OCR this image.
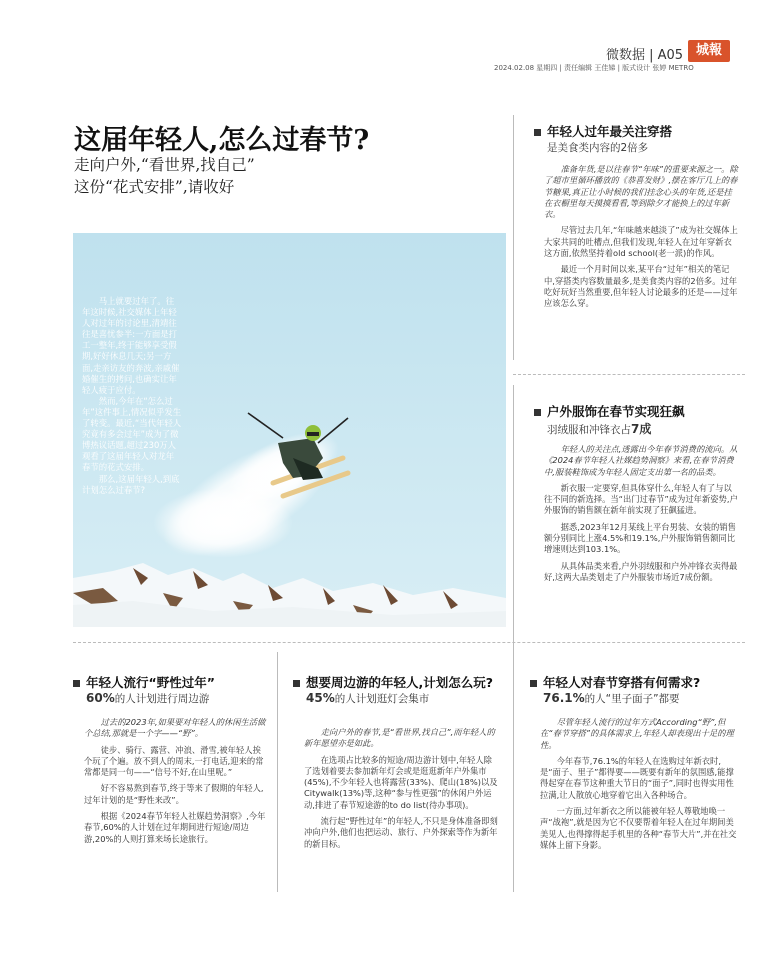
微数据 | A05 城報
2024.02.08 星期四 | 责任编辑 王佳娣 | 版式设计 张婷 METRO
这届年轻人,怎么过春节?
走向户外,“看世界,找自己”
这份“花式安排”,请收好

马上就要过年了。往年这时候,社交媒体上年轻人对过年的讨论里,清靖往往是喜忧参半:一方面是打工一整年,终于能够享受假期,好好休息几天;另一方面,走亲访友的奔波,亲戚催婚催生的拷问,也确实让年轻人疲于应付。

然而,今年在“怎么过年”这件事上,情况似乎发生了转变。最近,“当代年轻人究竟有多会过年”成为了微博热议话题,超过230万人观看了这届年轻人对龙年春节的花式安排。

那么,这届年轻人,到底计划怎么过春节?

年轻人过年最关注穿搭
是美食类内容的2倍多

准备年货,是以往春节“年味”的重要来源之一。除了超市里循环播放的《恭喜发财》,摆在客厅几上的春节糖果,真正让小时候的我们挂念心头的年货,还是挂在衣橱里每天摸摸看看,等到除夕才能换上的过年新衣。

尽管过去几年,“年味越来越淡了”成为社交媒体上大家共同的吐槽点,但我们发现,年轻人在过年穿新衣这方面,依然坚持着old school(老一派)的作风。

最近一个月时间以来,某平台“过年”相关的笔记中,穿搭类内容数量最多,是美食类内容的2倍多。过年吃好玩好当然重要,但年轻人讨论最多的还是——过年应该怎么穿。

户外服饰在春节实现狂飙
羽绒服和冲锋衣占7成

年轻人的关注点,透露出今年春节消费的流向。从《2024春节年轻人社媒趋势洞察》来看,在春节消费中,服装鞋饰成为年轻人固定支出第一名的品类。

新衣服一定要穿,但具体穿什么,年轻人有了与以往不同的新选择。当“出门过春节”成为过年新姿势,户外服饰的销售额在新年前实现了狂飙猛进。

据悉,2023年12月某线上平台男装、女装的销售额分别同比上涨4.5%和19.1%,户外服饰销售额同比增速则达到103.1%。

从具体品类来看,户外羽绒服和户外冲锋衣卖得最好,这两大品类划走了户外服装市场近7成份额。

年轻人流行“野性过年”
60%的人计划进行周边游

过去的2023年,如果要对年轻人的休闲生活做个总结,那就是一个字——“野”。

徒步、骑行、露营、冲浪、滑雪,被年轻人挨个玩了个遍。放不到人的周末,一打电话,迎来的常常都是同一句——“信号不好,在山里呢。”

好不容易熬到春节,终于等来了假期的年轻人,过年计划的是“野性来改”。

根据《2024春节年轻人社媒趋势洞察》,今年春节,60%的人计划在过年期间进行短途/周边游,20%的人则打算来场长途旅行。

想要周边游的年轻人,计划怎么玩?
45%的人计划逛灯会集市

走向户外的春节,是“看世界,找自己”,而年轻人的新年愿望亦是如此。

在选项占比较多的短途/周边游计划中,年轻人除了选划着要去参加新年灯会或是逛逛新年户外集市(45%),不少年轻人也将露营(33%)、爬山(18%)以及Citywalk(13%)等,这种“参与性更强”的休闲户外运动,排进了春节短途游的to do list(待办事项)。

流行起“野性过年”的年轻人,不只是身体准备即刻冲向户外,他们也把运动、旅行、户外探索等作为新年的新目标。

年轻人对春节穿搭有何需求?
76.1%的人“里子面子”都要

尽管年轻人流行的过年方式According“野”,但在“春节穿搭”的具体需求上,年轻人却表现出十足的理性。

今年春节,76.1%的年轻人在选购过年新衣时,是“面子、里子”都得要——既要有新年的氛围感,能撑得起穿在春节这种重大节日的“面子”,同时也得实用性拉满,让人散放心地穿着它出入各种场合。

一方面,过年新衣之所以能被年轻人尊敬地唤一声“战袍”,就是因为它不仅要帮着年轻人在过年期间美美见人,也得撑得起手机里的各种“春节大片”,并在社交媒体上留下身影。
